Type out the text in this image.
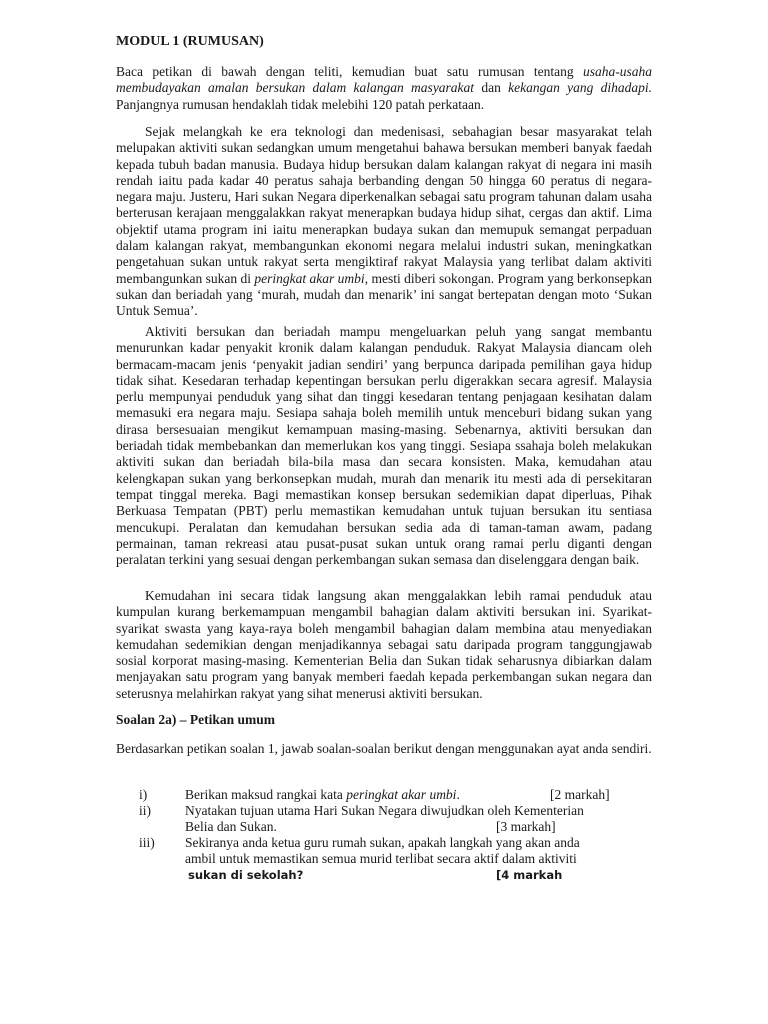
MODUL 1 (RUMUSAN)

Baca petikan di bawah dengan teliti, kemudian buat satu rumusan tentang usaha-usaha membudayakan amalan bersukan dalam kalangan masyarakat dan kekangan yang dihadapi. Panjangnya rumusan hendaklah tidak melebihi 120 patah perkataan.

Sejak melangkah ke era teknologi dan medenisasi, sebahagian besar masyarakat telah melupakan aktiviti sukan sedangkan umum mengetahui bahawa bersukan memberi banyak faedah kepada tubuh badan manusia. Budaya hidup bersukan dalam kalangan rakyat di negara ini masih rendah iaitu pada kadar 40 peratus sahaja berbanding dengan 50 hingga 60 peratus di negara-negara maju. Justeru, Hari sukan Negara diperkenalkan sebagai satu program tahunan dalam usaha berterusan kerajaan menggalakkan rakyat menerapkan budaya hidup sihat, cergas dan aktif. Lima objektif utama program ini iaitu menerapkan budaya sukan dan memupuk semangat perpaduan dalam kalangan rakyat, membangunkan ekonomi negara melalui industri sukan, meningkatkan pengetahuan sukan untuk rakyat serta mengiktiraf rakyat Malaysia yang terlibat dalam aktiviti membangunkan sukan di peringkat akar umbi, mesti diberi sokongan. Program yang berkonsepkan sukan dan beriadah yang ‘murah, mudah dan menarik’ ini sangat bertepatan dengan moto ‘Sukan Untuk Semua’.

Aktiviti bersukan dan beriadah mampu mengeluarkan peluh yang sangat membantu menurunkan kadar penyakit kronik dalam kalangan penduduk. Rakyat Malaysia diancam oleh bermacam-macam jenis ‘penyakit jadian sendiri’ yang berpunca daripada pemilihan gaya hidup tidak sihat. Kesedaran terhadap kepentingan bersukan perlu digerakkan secara agresif. Malaysia perlu mempunyai penduduk yang sihat dan tinggi kesedaran tentang penjagaan kesihatan dalam memasuki era negara maju. Sesiapa sahaja boleh memilih untuk menceburi bidang sukan yang dirasa bersesuaian mengikut kemampuan masing-masing. Sebenarnya, aktiviti bersukan dan beriadah tidak membebankan dan memerlukan kos yang tinggi. Sesiapa ssahaja boleh melakukan aktiviti sukan dan beriadah bila-bila masa dan secara konsisten. Maka, kemudahan atau kelengkapan sukan yang berkonsepkan mudah, murah dan menarik itu mesti ada di persekitaran tempat tinggal mereka. Bagi memastikan konsep bersukan sedemikian dapat diperluas, Pihak Berkuasa Tempatan (PBT) perlu memastikan kemudahan untuk tujuan bersukan itu sentiasa mencukupi. Peralatan dan kemudahan bersukan sedia ada di taman-taman awam, padang permainan, taman rekreasi atau pusat-pusat sukan untuk orang ramai perlu diganti dengan peralatan terkini yang sesuai dengan perkembangan sukan semasa dan diselenggara dengan baik.

Kemudahan ini secara tidak langsung akan menggalakkan lebih ramai penduduk atau kumpulan kurang berkemampuan mengambil bahagian dalam aktiviti bersukan ini. Syarikat-syarikat swasta yang kaya-raya boleh mengambil bahagian dalam membina atau menyediakan kemudahan sedemikian dengan menjadikannya sebagai satu daripada program tanggungjawab sosial korporat masing-masing. Kementerian Belia dan Sukan tidak seharusnya dibiarkan dalam menjayakan satu program yang banyak memberi faedah kepada perkembangan sukan negara dan seterusnya melahirkan rakyat yang sihat menerusi aktiviti bersukan.

Soalan 2a) – Petikan umum

Berdasarkan petikan soalan 1, jawab soalan-soalan berikut dengan menggunakan ayat anda sendiri.

i)	Berikan maksud rangkai kata peringkat akar umbi.	[2 markah]

ii)	Nyatakan tujuan utama Hari Sukan Negara diwujudkan oleh Kementerian

Belia dan Sukan.	[3 markah]

iii) Sekiranya anda ketua guru rumah sukan, apakah langkah yang akan anda

ambil untuk memastikan semua murid terlibat secara aktif dalam aktiviti

sukan di sekolah?	[4 markah
